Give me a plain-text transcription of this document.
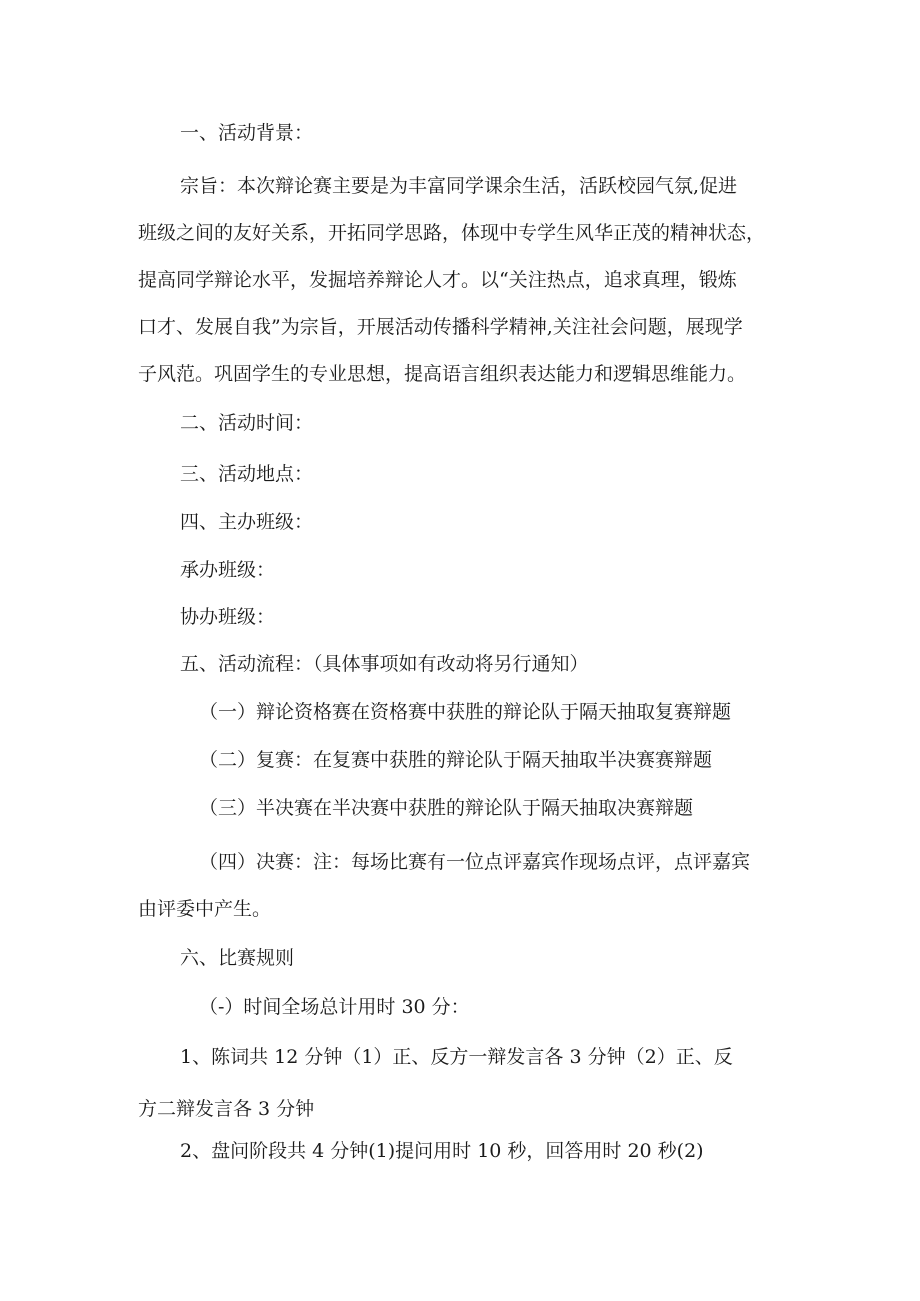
一、活动背景：
宗旨：本次辩论赛主要是为丰富同学课余生活，活跃校园气氛,促进
班级之间的友好关系，开拓同学思路，体现中专学生风华正茂的精神状态，
提高同学辩论水平，发掘培养辩论人才。以“关注热点，追求真理，锻炼
口才、发展自我”为宗旨，开展活动传播科学精神,关注社会问题，展现学
子风范。巩固学生的专业思想，提高语言组织表达能力和逻辑思维能力。
二、活动时间：
三、活动地点：
四、主办班级：
承办班级：
协办班级：
五、活动流程：（具体事项如有改动将另行通知）
（一）辩论资格赛在资格赛中获胜的辩论队于隔天抽取复赛辩题
（二）复赛：在复赛中获胜的辩论队于隔天抽取半决赛赛辩题
（三）半决赛在半决赛中获胜的辩论队于隔天抽取决赛辩题
（四）决赛：注：每场比赛有一位点评嘉宾作现场点评，点评嘉宾
由评委中产生。
六、比赛规则
（-）时间全场总计用时 30 分：
1、陈词共 12 分钟（1）正、反方一辩发言各 3 分钟（2）正、反
方二辩发言各 3 分钟
2、盘问阶段共 4 分钟(1)提问用时 10 秒，回答用时 20 秒(2)
